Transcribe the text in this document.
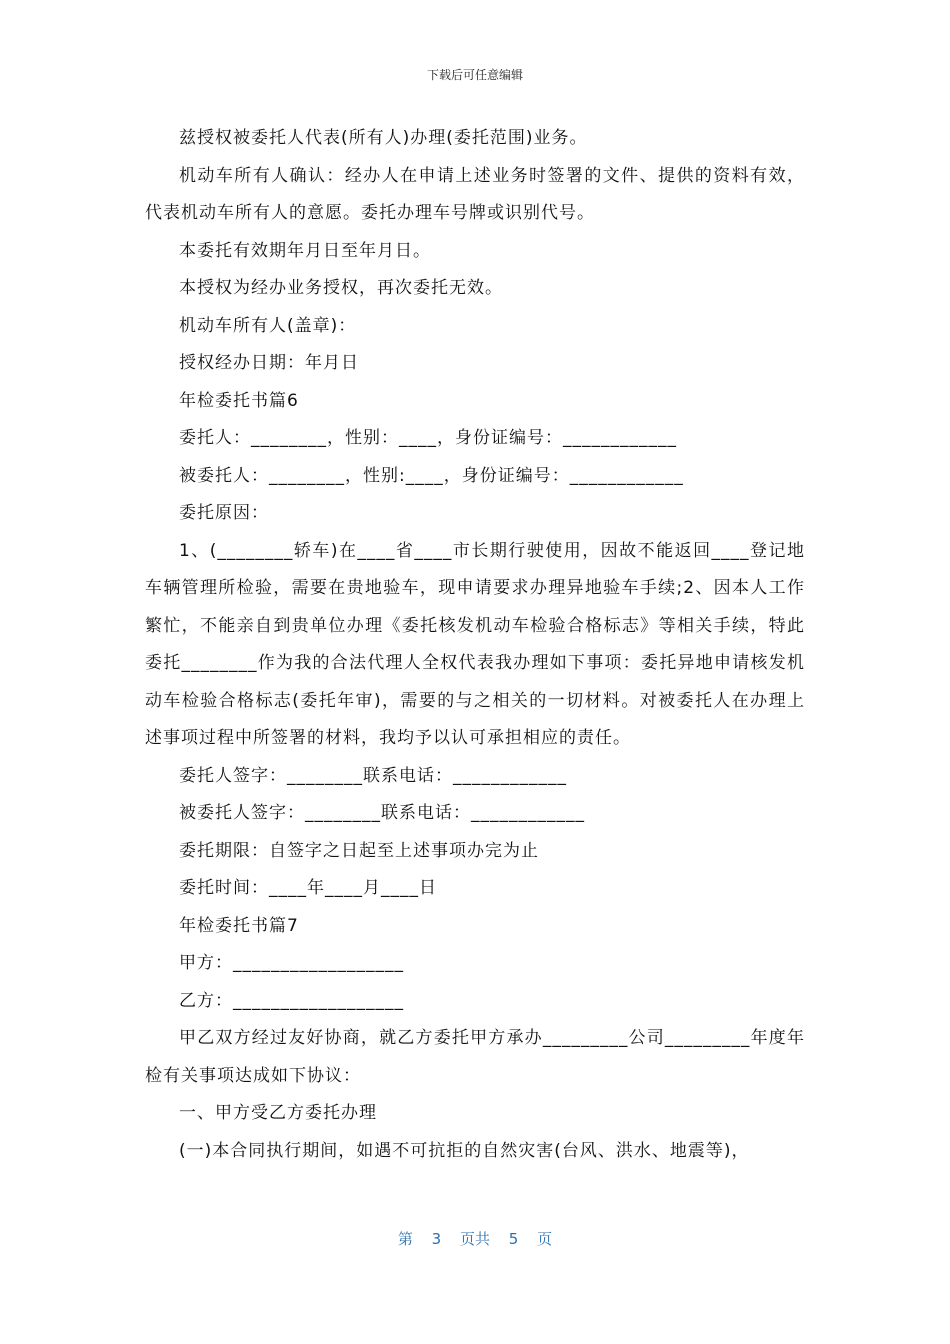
下载后可任意编辑

兹授权被委托人代表(所有人)办理(委托范围)业务。

机动车所有人确认：经办人在申请上述业务时签署的文件、提供的资料有效，代表机动车所有人的意愿。委托办理车号牌或识别代号。

本委托有效期年月日至年月日。

本授权为经办业务授权，再次委托无效。

机动车所有人(盖章)：

授权经办日期：年月日

年检委托书篇6

委托人：________，性别：____，身份证编号：____________

被委托人：________，性别:____，身份证编号：____________

委托原因：

1、(________轿车)在____省____市长期行驶使用，因故不能返回____登记地车辆管理所检验，需要在贵地验车，现申请要求办理异地验车手续;2、因本人工作繁忙，不能亲自到贵单位办理《委托核发机动车检验合格标志》等相关手续，特此委托________作为我的合法代理人全权代表我办理如下事项：委托异地申请核发机动车检验合格标志(委托年审)，需要的与之相关的一切材料。对被委托人在办理上述事项过程中所签署的材料，我均予以认可承担相应的责任。

委托人签字：________联系电话：____________

被委托人签字：________联系电话：____________

委托期限：自签字之日起至上述事项办完为止

委托时间：____年____月____日

年检委托书篇7

甲方：__________________

乙方：__________________

甲乙双方经过友好协商，就乙方委托甲方承办_________公司_________年度年检有关事项达成如下协议：

一、甲方受乙方委托办理

(一)本合同执行期间，如遇不可抗拒的自然灾害(台风、洪水、地震等)，

第 3 页共 5 页
